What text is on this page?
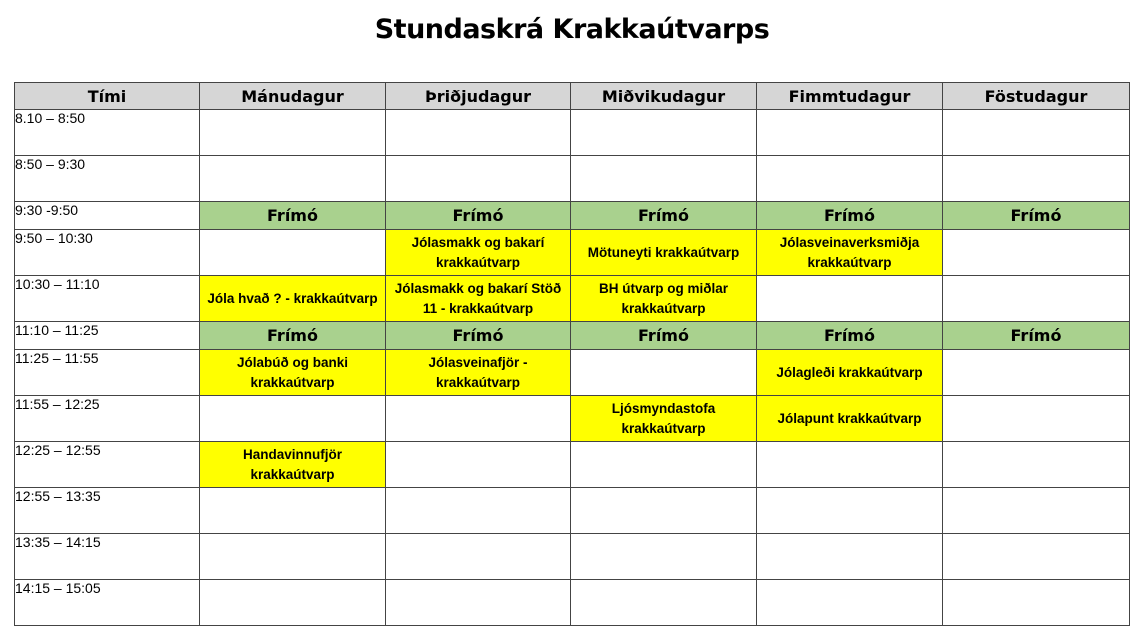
Stundaskrá Krakkaútvarps
Tími	Mánudagur	Þriðjudagur	Miðvikudagur	Fimmtudagur	Föstudagur
8.10 – 8:50					
8:50 – 9:30					
9:30 -9:50	Frímó	Frímó	Frímó	Frímó	Frímó
9:50 – 10:30		Jólasmakk og bakarí krakkaútvarp	Mötuneyti krakkaútvarp	Jólasveinaverksmiðja krakkaútvarp	
10:30 – 11:10	Jóla hvað ? - krakkaútvarp	Jólasmakk og bakarí Stöð 11 - krakkaútvarp	BH útvarp og miðlar krakkaútvarp		
11:10 – 11:25	Frímó	Frímó	Frímó	Frímó	Frímó
11:25 – 11:55	Jólabúð og banki krakkaútvarp	Jólasveinafjör - krakkaútvarp		Jólagleði krakkaútvarp	
11:55 – 12:25			Ljósmyndastofa krakkaútvarp	Jólapunt krakkaútvarp	
12:25 – 12:55	Handavinnufjör krakkaútvarp				
12:55 – 13:35					
13:35 – 14:15					
14:15 – 15:05					
